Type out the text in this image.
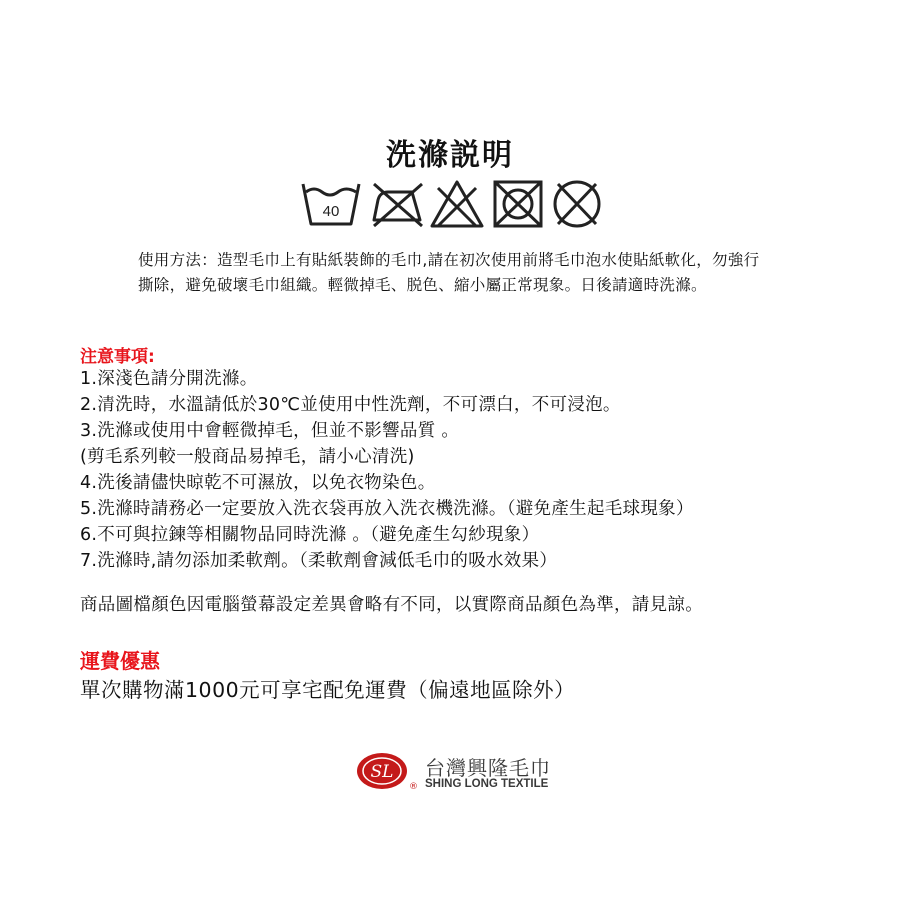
洗滌説明
40
使用方法：造型毛巾上有貼紙裝飾的毛巾,請在初次使用前將毛巾泡水使貼紙軟化，勿強行撕除，避免破壞毛巾組織。輕微掉毛、脱色、縮小屬正常現象。日後請適時洗滌。
注意事項:
1.深淺色請分開洗滌。
2.清洗時，水溫請低於30℃並使用中性洗劑，不可漂白，不可浸泡。
3.洗滌或使用中會輕微掉毛，但並不影響品質 。
(剪毛系列較一般商品易掉毛，請小心清洗)
4.洗後請儘快晾乾不可濕放，以免衣物染色。
5.洗滌時請務必一定要放入洗衣袋再放入洗衣機洗滌。（避免產生起毛球現象）
6.不可與拉鍊等相關物品同時洗滌 。（避免產生勾紗現象）
7.洗滌時,請勿添加柔軟劑。（柔軟劑會減低毛巾的吸水效果）
商品圖檔顏色因電腦螢幕設定差異會略有不同，以實際商品顏色為準，請見諒。
運費優惠
單次購物滿1000元可享宅配免運費（偏遠地區除外）
SL
®
台灣興隆毛巾
SHING LONG TEXTILE
